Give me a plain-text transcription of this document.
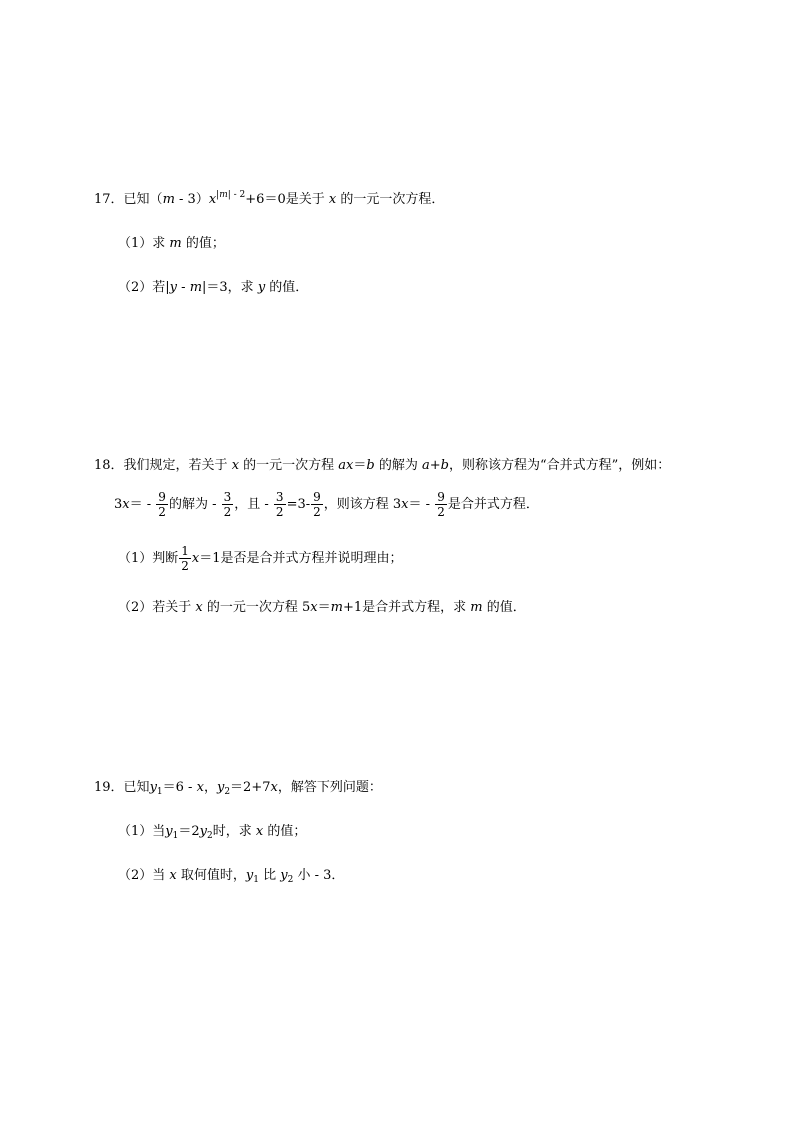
17．已知$(m - 3)x^{|m| - 2}+6=0$是关于 x 的一元一次方程．
（1）求 m 的值；
（2）若|y - m|＝3，求 y 的值．
18．我们规定，若关于 x 的一元一次方程 ax＝b 的解为 a+b，则称该方程为“合并式方程”，例如：
$3x= - \frac{9}{2}$ 的解为 - $\frac{3}{2}$ ，且 - $\frac{3}{2} =3- \frac{9}{2}$ ，则该方程 $3x= - \frac{9}{2}$ 是合并式方程．
（1）判断 $\frac{1}{2} x=1$是否是合并式方程并说明理由；
（2）若关于 x 的一元一次方程 5x＝m+1是合并式方程，求 m 的值．
19．已知$y_1=6 - x$，$y_2=2+7x$，解答下列问题：
（1）当$y_1=2y_2$时，求 x 的值；
（2）当 x 取何值时，$y_1$ 比 $y_2$ 小 - 3．
